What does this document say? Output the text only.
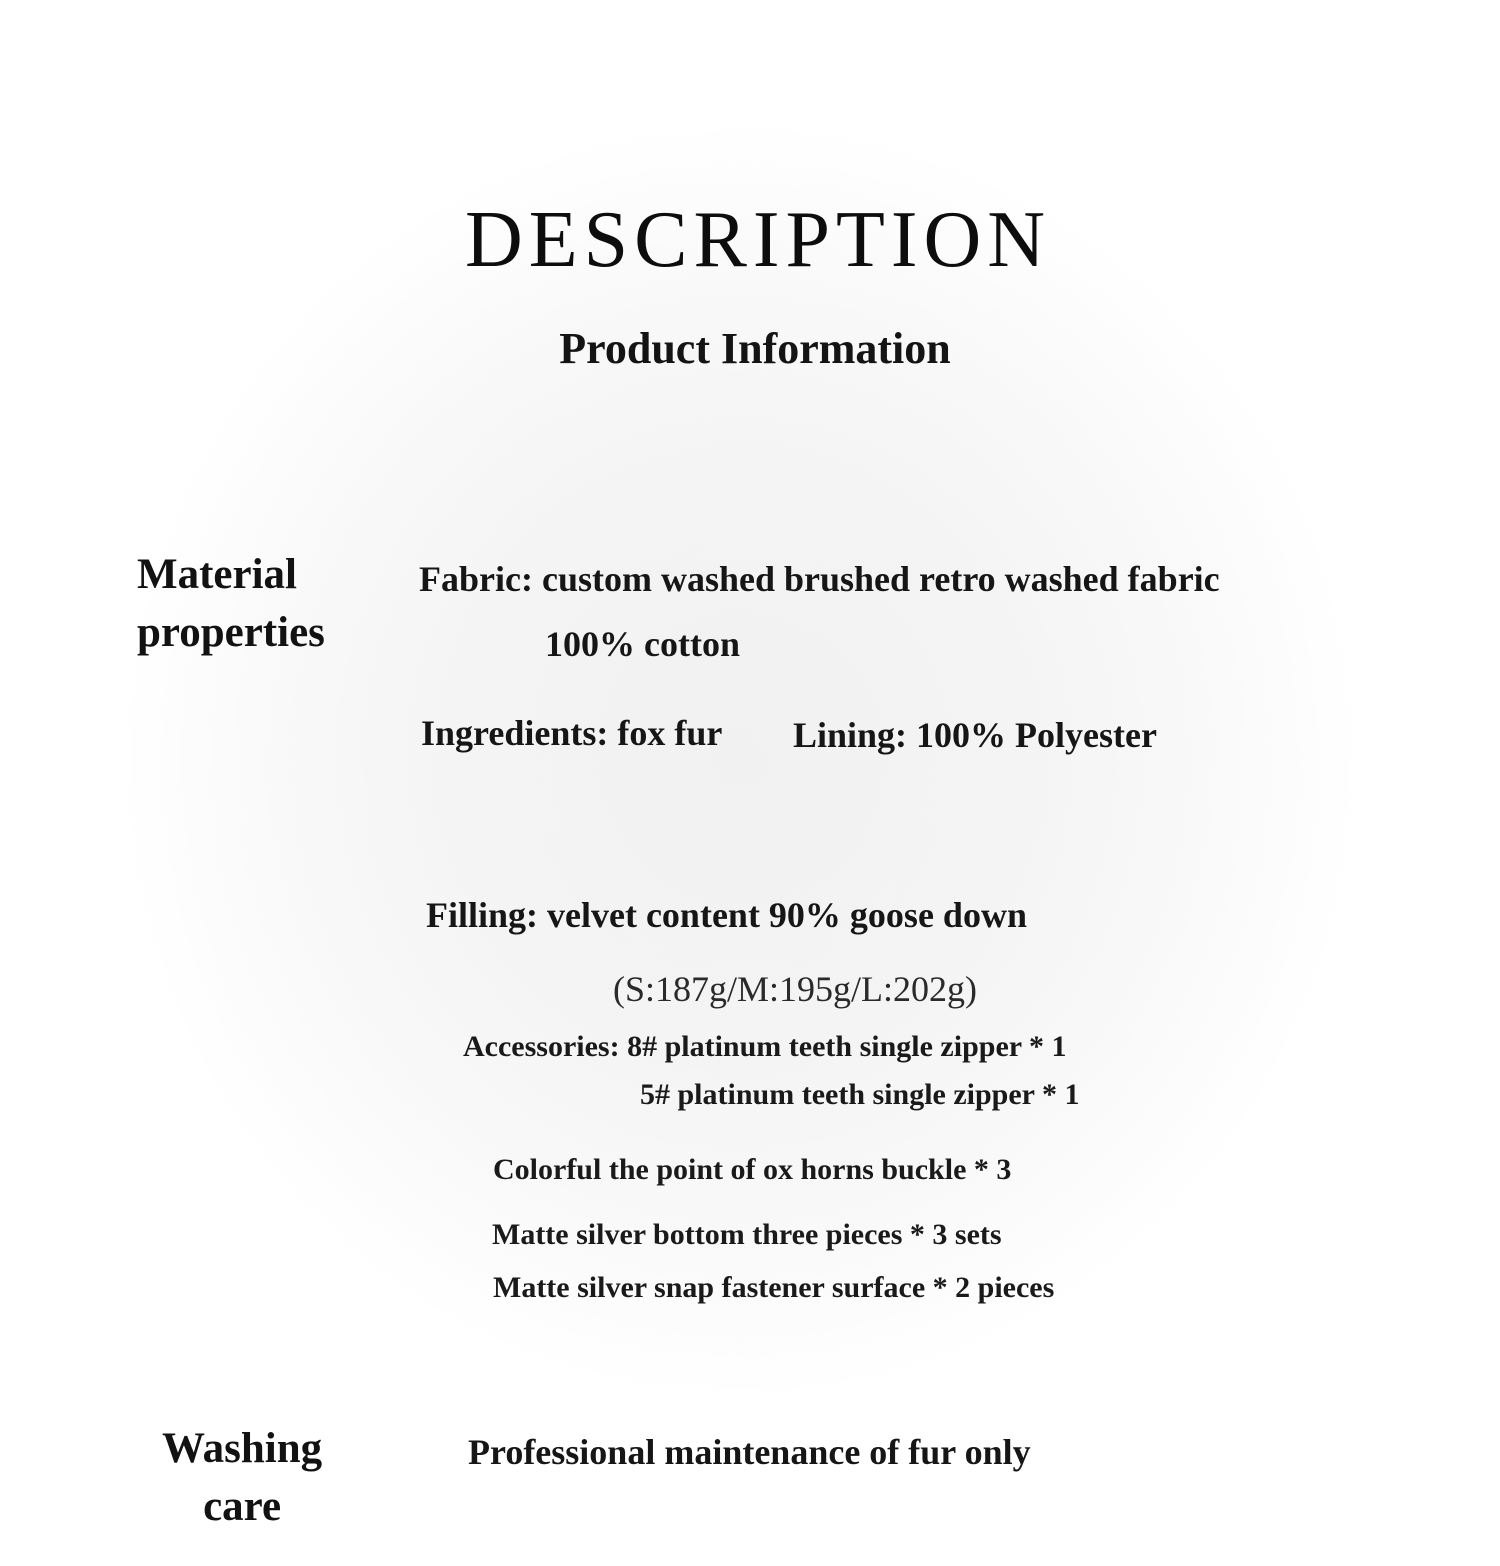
DESCRIPTION
Product Information
Material
properties
Fabric: custom washed brushed retro washed fabric
100% cotton
Ingredients: fox fur Lining: 100% Polyester
Filling: velvet content 90% goose down
(S:187g/M:195g/L:202g)
Accessories: 8# platinum teeth single zipper * 1
5# platinum teeth single zipper * 1
Colorful the point of ox horns buckle * 3
Matte silver bottom three pieces * 3 sets
Matte silver snap fastener surface * 2 pieces
Washing
care
Professional maintenance of fur only
